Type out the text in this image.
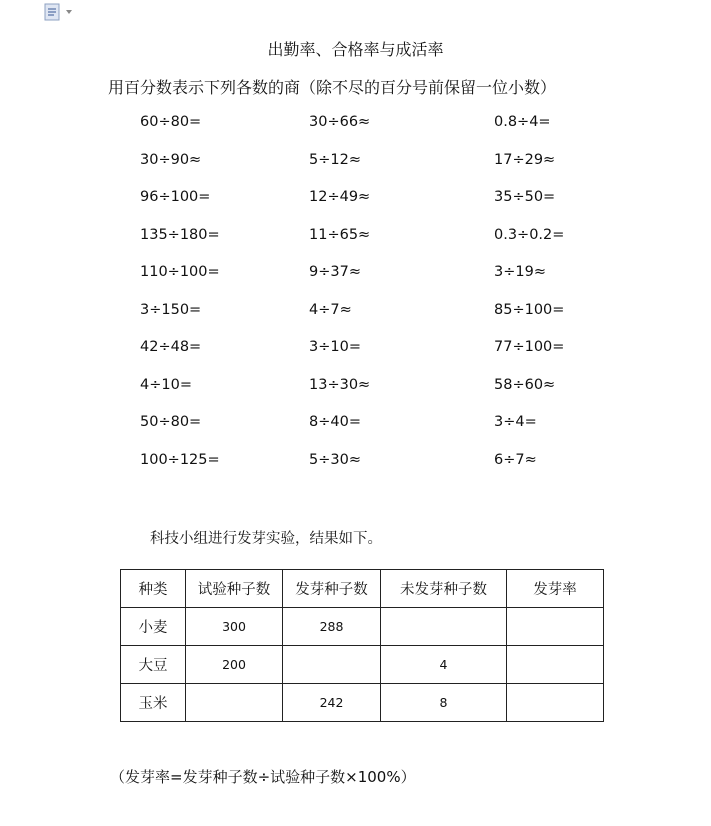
出勤率、合格率与成活率
用百分数表示下列各数的商（除不尽的百分号前保留一位小数）
60÷80=	30÷66≈	0.8÷4=
30÷90≈	5÷12≈	17÷29≈
96÷100=	12÷49≈	35÷50=
135÷180=	11÷65≈	0.3÷0.2=
110÷100=	9÷37≈	3÷19≈
3÷150=	4÷7≈	85÷100=
42÷48=	3÷10=	77÷100=
4÷10=	13÷30≈	58÷60≈
50÷80=	8÷40=	3÷4=
100÷125=	5÷30≈	6÷7≈
科技小组进行发芽实验，结果如下。
种类	试验种子数	发芽种子数	未发芽种子数	发芽率
小麦	300	288		
大豆	200		4	
玉米		242	8	
（发芽率=发芽种子数÷试验种子数×100%）
